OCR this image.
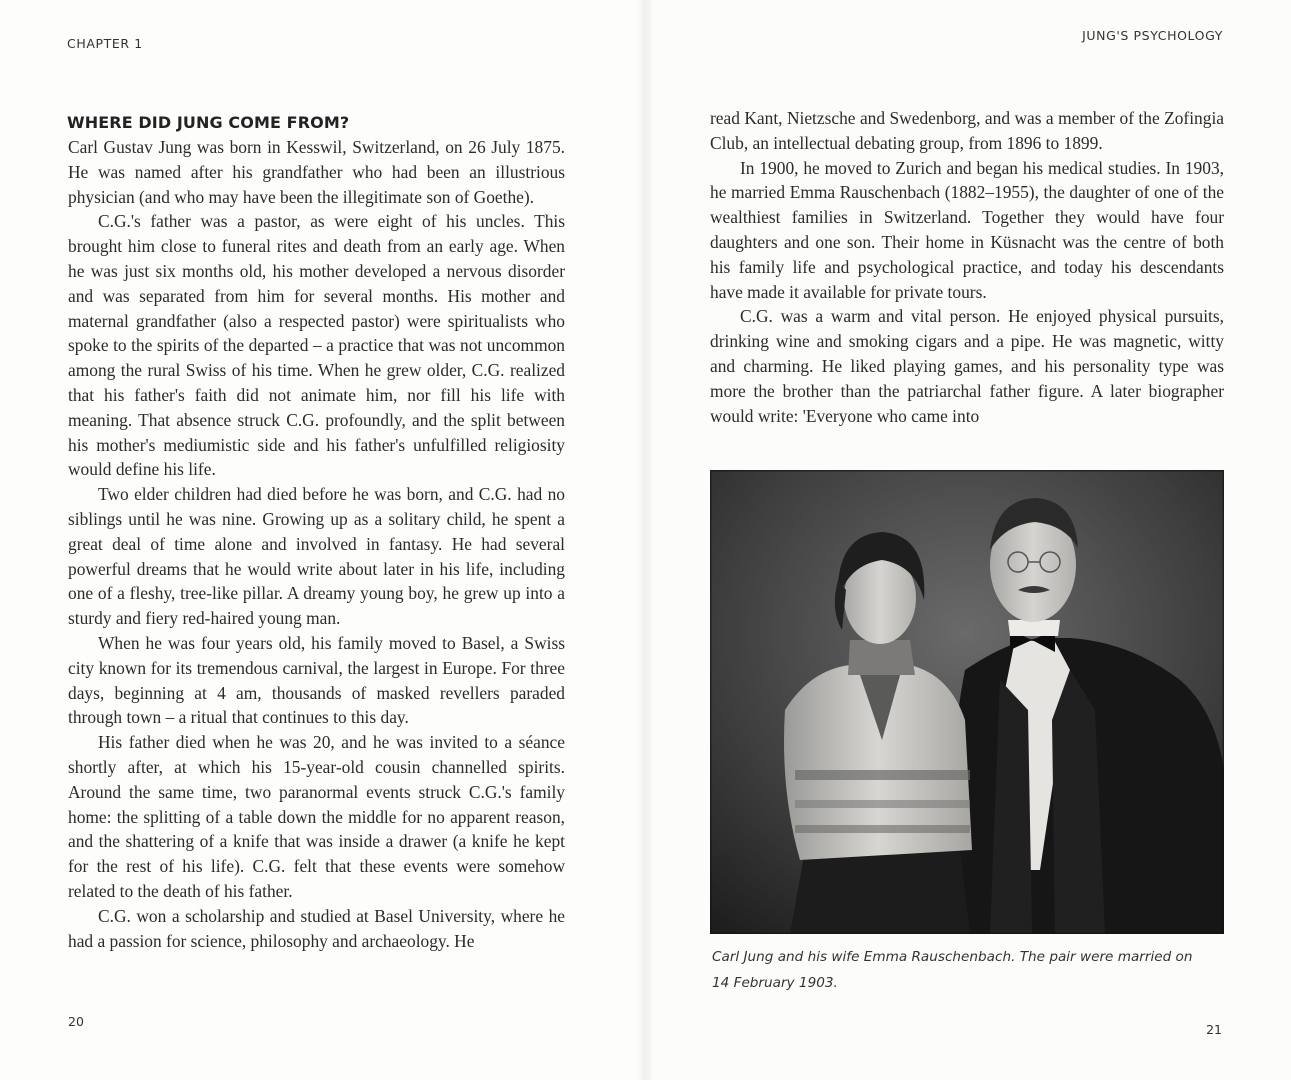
CHAPTER 1
WHERE DID JUNG COME FROM?

Carl Gustav Jung was born in Kesswil, Switzerland, on 26 July 1875. He was named after his grandfather who had been an illustrious physician (and who may have been the illegitimate son of Goethe).

C.G.'s father was a pastor, as were eight of his uncles. This brought him close to funeral rites and death from an early age. When he was just six months old, his mother developed a nervous disorder and was separated from him for several months. His mother and maternal grandfather (also a respected pastor) were spiritualists who spoke to the spirits of the departed – a practice that was not uncommon among the rural Swiss of his time. When he grew older, C.G. realized that his father's faith did not animate him, nor fill his life with meaning. That absence struck C.G. profoundly, and the split between his mother's mediumistic side and his father's unfulfilled religiosity would define his life.

Two elder children had died before he was born, and C.G. had no siblings until he was nine. Growing up as a solitary child, he spent a great deal of time alone and involved in fantasy. He had several powerful dreams that he would write about later in his life, including one of a fleshy, tree-like pillar. A dreamy young boy, he grew up into a sturdy and fiery red-haired young man.

When he was four years old, his family moved to Basel, a Swiss city known for its tremendous carnival, the largest in Europe. For three days, beginning at 4 am, thousands of masked revellers paraded through town – a ritual that continues to this day.

His father died when he was 20, and he was invited to a séance shortly after, at which his 15-year-old cousin channelled spirits. Around the same time, two paranormal events struck C.G.'s family home: the splitting of a table down the middle for no apparent reason, and the shattering of a knife that was inside a drawer (a knife he kept for the rest of his life). C.G. felt that these events were somehow related to the death of his father.

C.G. won a scholarship and studied at Basel University, where he had a passion for science, philosophy and archaeology. He

20
JUNG'S PSYCHOLOGY
21

read Kant, Nietzsche and Swedenborg, and was a member of the Zofingia Club, an intellectual debating group, from 1896 to 1899.

In 1900, he moved to Zurich and began his medical studies. In 1903, he married Emma Rauschenbach (1882–1955), the daughter of one of the wealthiest families in Switzerland. Together they would have four daughters and one son. Their home in Küsnacht was the centre of both his family life and psychological practice, and today his descendants have made it available for private tours.

C.G. was a warm and vital person. He enjoyed physical pursuits, drinking wine and smoking cigars and a pipe. He was magnetic, witty and charming. He liked playing games, and his personality type was more the brother than the patriarchal father figure. A later biographer would write: 'Everyone who came into

Carl Jung and his wife Emma Rauschenbach. The pair were married on
14 February 1903.
